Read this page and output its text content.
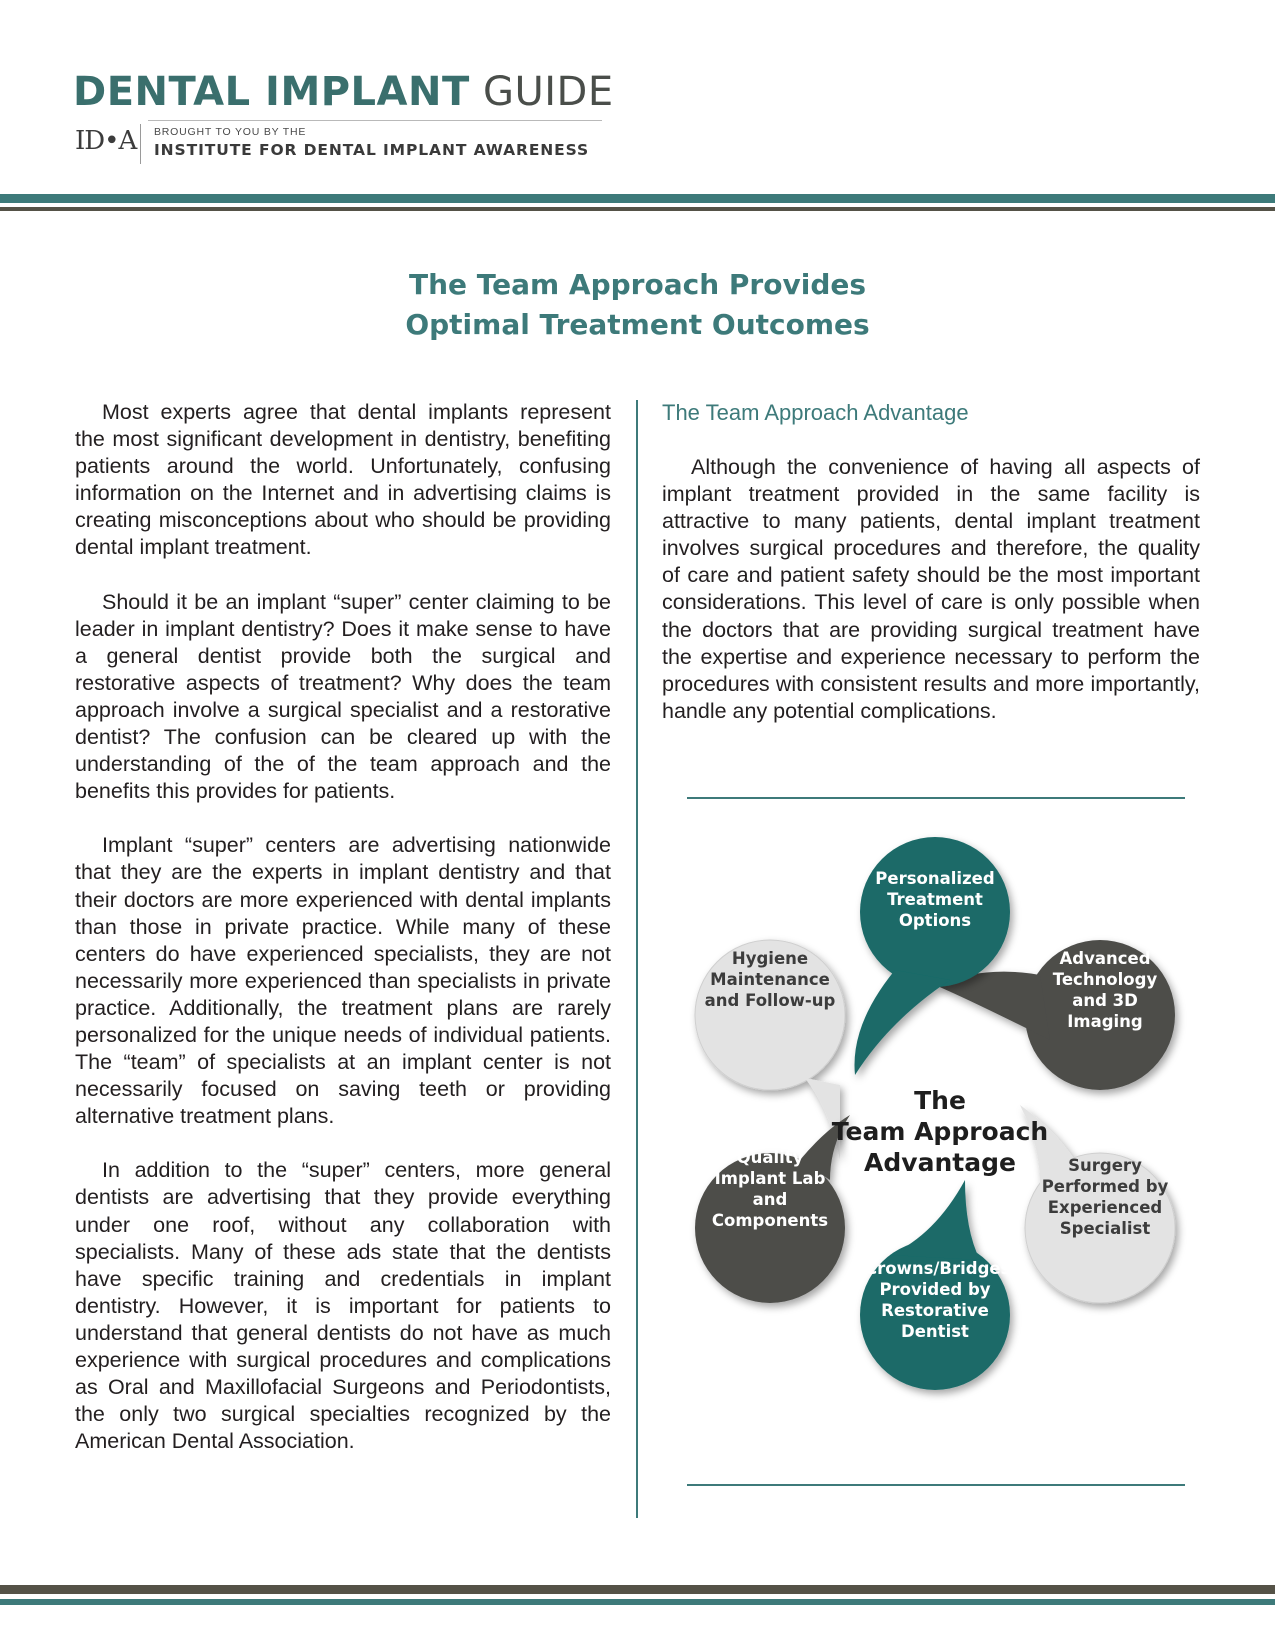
DENTAL IMPLANT GUIDE
ID•A BROUGHT TO YOU BY THE
INSTITUTE FOR DENTAL IMPLANT AWARENESS
The Team Approach Provides
Optimal Treatment Outcomes

Most experts agree that dental implants represent the most significant development in dentistry, benefiting patients around the world. Unfortunately, confusing information on the Internet and in advertising claims is creating misconceptions about who should be providing dental implant treatment.

Should it be an implant “super” center claiming to be leader in implant dentistry? Does it make sense to have a general dentist provide both the surgical and restorative aspects of treatment? Why does the team approach involve a surgical specialist and a restorative dentist? The confusion can be cleared up with the understanding of the of the team approach and the benefits this provides for patients.

Implant “super” centers are advertising nationwide that they are the experts in implant dentistry and that their doctors are more experienced with dental implants than those in private practice. While many of these centers do have experienced specialists, they are not necessarily more experienced than specialists in private practice. Additionally, the treatment plans are rarely personalized for the unique needs of individual patients. The “team” of specialists at an implant center is not necessarily focused on saving teeth or providing alternative treatment plans.

In addition to the “super” centers, more general dentists are advertising that they provide everything under one roof, without any collaboration with specialists. Many of these ads state that the dentists have specific training and credentials in implant dentistry. However, it is important for patients to understand that general dentists do not have as much experience with surgical procedures and complications as Oral and Maxillofacial Surgeons and Periodontists, the only two surgical specialties recognized by the American Dental Association.

The Team Approach Advantage

Although the convenience of having all aspects of implant treatment provided in the same facility is attractive to many patients, dental implant treatment involves surgical procedures and therefore, the quality of care and patient safety should be the most important considerations. This level of care is only possible when the doctors that are providing surgical treatment have the expertise and experience necessary to perform the procedures with consistent results and more importantly, handle any potential complications.

Personalized Treatment Options
Advanced Technology and 3D Imaging
Surgery Performed by Experienced Specialist
Crowns/Bridges Provided by Restorative Dentist
Quality Implant Lab and Components
Hygiene Maintenance and Follow-up
The
Team Approach
Advantage
